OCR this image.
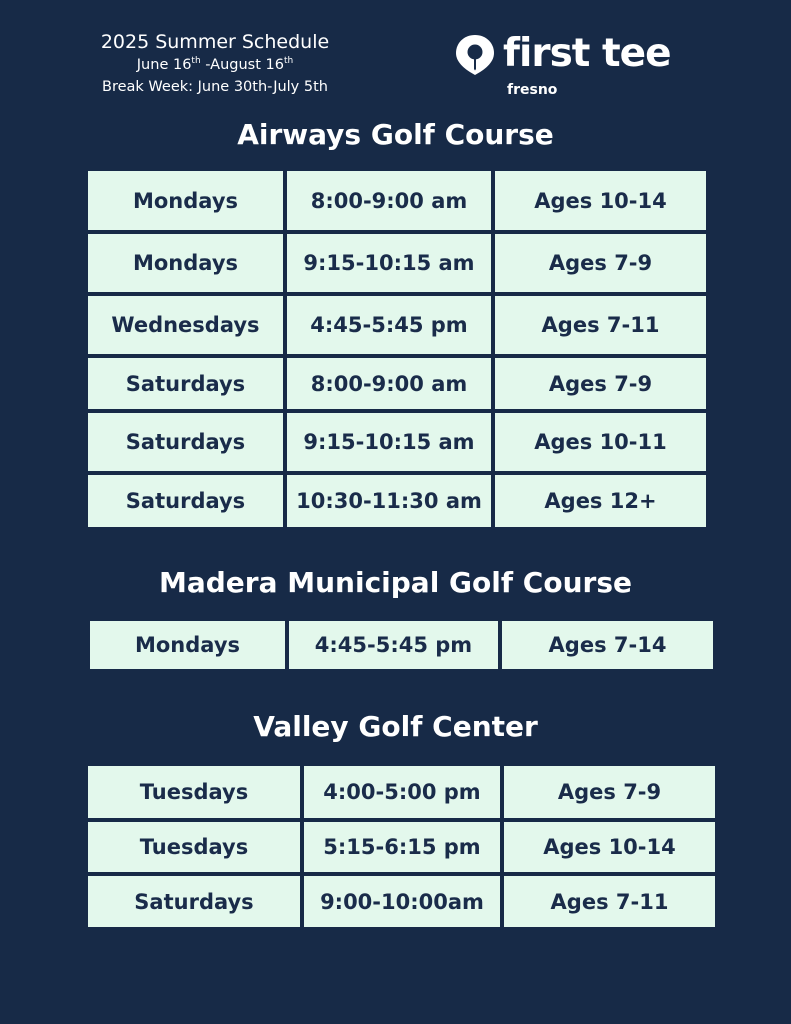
2025 Summer Schedule
June 16th -August 16th
Break Week: June 30th-July 5th
first tee
fresno
Airways Golf Course
Mondays	8:00-9:00 am	Ages 10-14
Mondays	9:15-10:15 am	Ages 7-9
Wednesdays	4:45-5:45 pm	Ages 7-11
Saturdays	8:00-9:00 am	Ages 7-9
Saturdays	9:15-10:15 am	Ages 10-11
Saturdays	10:30-11:30 am	Ages 12+
Madera Municipal Golf Course
Mondays	4:45-5:45 pm	Ages 7-14
Valley Golf Center
Tuesdays	4:00-5:00 pm	Ages 7-9
Tuesdays	5:15-6:15 pm	Ages 10-14
Saturdays	9:00-10:00am	Ages 7-11
